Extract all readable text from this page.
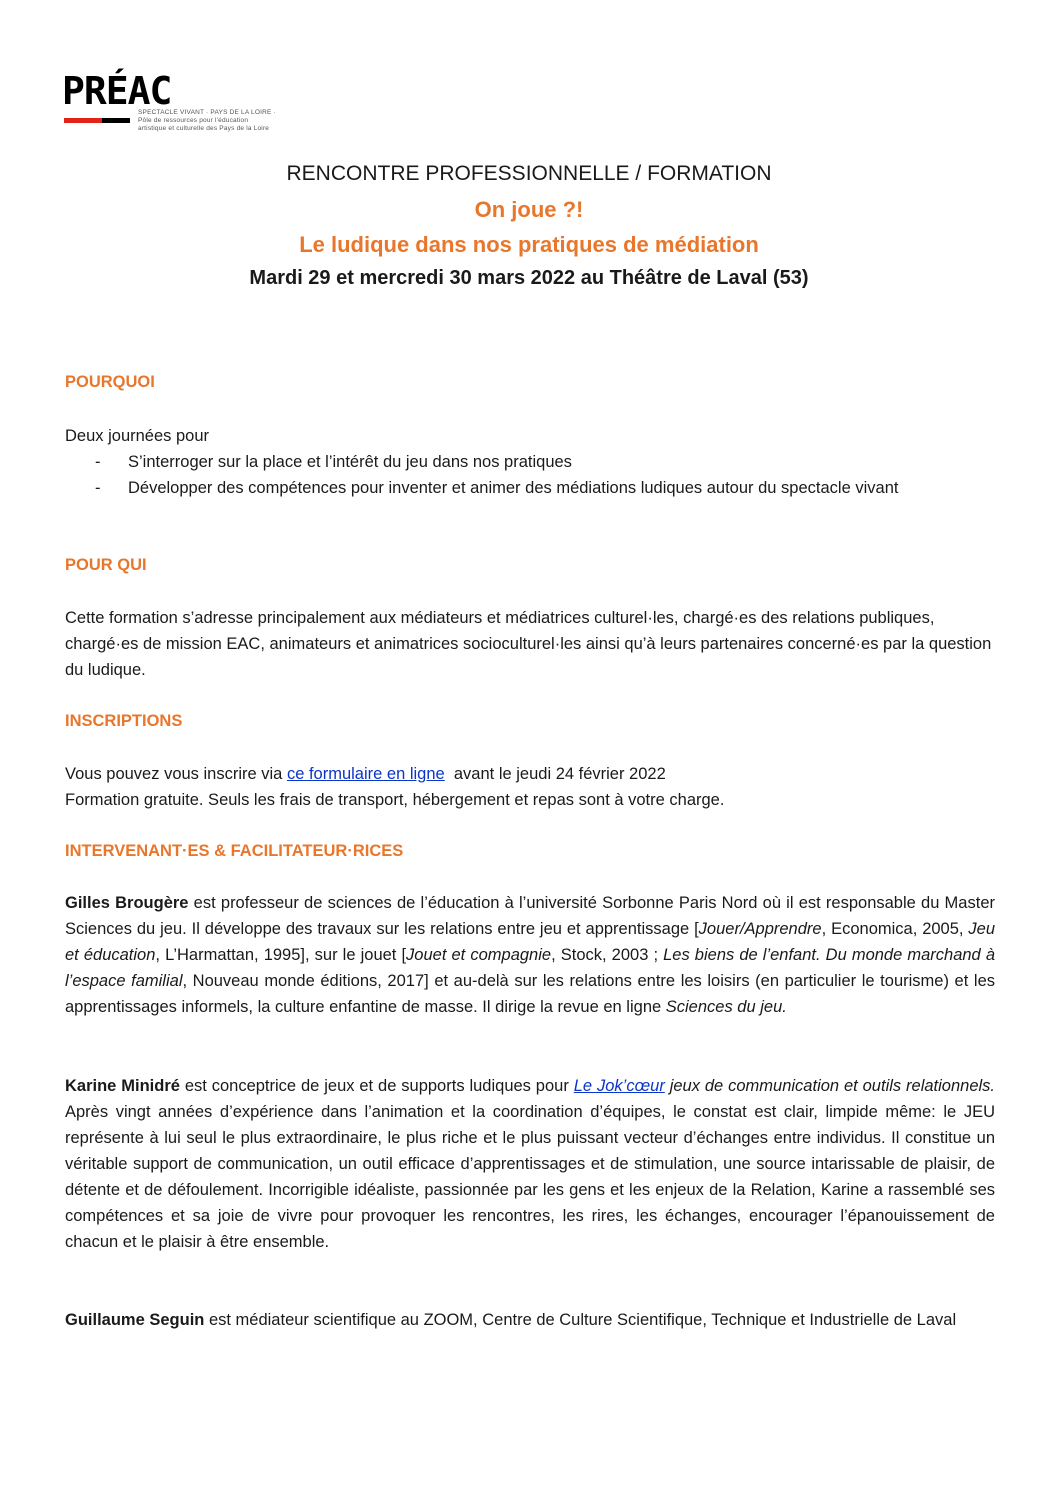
PRÉAC
SPECTACLE VIVANT · PAYS DE LA LOIRE · Pôle de ressources pour l'éducation artistique et culturelle des Pays de la Loire
RENCONTRE PROFESSIONNELLE / FORMATION
On joue ?!
Le ludique dans nos pratiques de médiation
Mardi 29 et mercredi 30 mars 2022 au Théâtre de Laval (53)
POURQUOI
Deux journées pour
- S’interroger sur la place et l’intérêt du jeu dans nos pratiques
- Développer des compétences pour inventer et animer des médiations ludiques autour du spectacle vivant
POUR QUI
Cette formation s’adresse principalement aux médiateurs et médiatrices culturel·les, chargé·es des relations publiques, chargé·es de mission EAC, animateurs et animatrices socioculturel·les ainsi qu’à leurs partenaires concerné·es par la question du ludique.
INSCRIPTIONS
Vous pouvez vous inscrire via ce formulaire en ligne  avant le jeudi 24 février 2022
Formation gratuite. Seuls les frais de transport, hébergement et repas sont à votre charge.
INTERVENANT·ES & FACILITATEUR·RICES
Gilles Brougère est professeur de sciences de l’éducation à l’université Sorbonne Paris Nord où il est responsable du Master Sciences du jeu. Il développe des travaux sur les relations entre jeu et apprentissage [Jouer/Apprendre, Economica, 2005, Jeu et éducation, L’Harmattan, 1995], sur le jouet [Jouet et compagnie, Stock, 2003 ; Les biens de l’enfant. Du monde marchand à l’espace familial, Nouveau monde éditions, 2017] et au-delà sur les relations entre les loisirs (en particulier le tourisme) et les apprentissages informels, la culture enfantine de masse. Il dirige la revue en ligne Sciences du jeu.
Karine Minidré est conceptrice de jeux et de supports ludiques pour Le Jok’cœur jeux de communication et outils relationnels. Après vingt années d’expérience dans l’animation et la coordination d’équipes, le constat est clair, limpide même: le JEU représente à lui seul le plus extraordinaire, le plus riche et le plus puissant vecteur d’échanges entre individus. Il constitue un véritable support de communication, un outil efficace d’apprentissages et de stimulation, une source intarissable de plaisir, de détente et de défoulement. Incorrigible idéaliste, passionnée par les gens et les enjeux de la Relation, Karine a rassemblé ses compétences et sa joie de vivre pour provoquer les rencontres, les rires, les échanges, encourager l’épanouissement de chacun et le plaisir à être ensemble.
Guillaume Seguin est médiateur scientifique au ZOOM, Centre de Culture Scientifique, Technique et Industrielle de Laval
